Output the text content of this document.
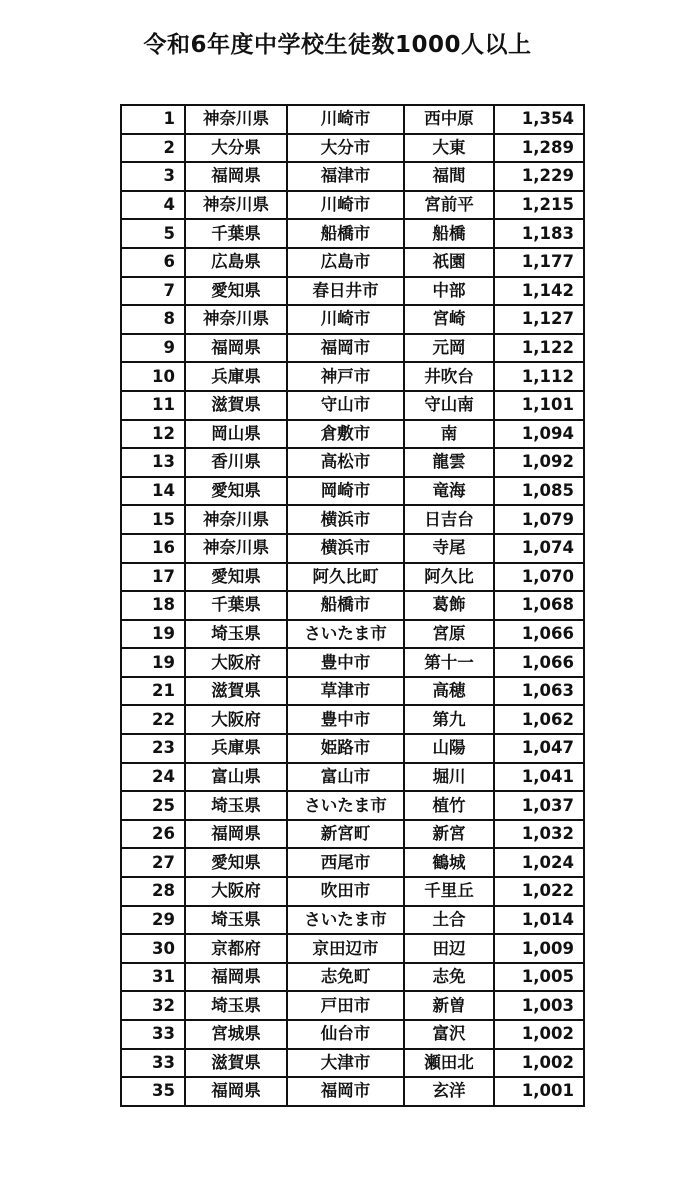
令和6年度中学校生徒数1000人以上
1	神奈川県	川崎市	西中原	1,354
2	大分県	大分市	大東	1,289
3	福岡県	福津市	福間	1,229
4	神奈川県	川崎市	宮前平	1,215
5	千葉県	船橋市	船橋	1,183
6	広島県	広島市	祇園	1,177
7	愛知県	春日井市	中部	1,142
8	神奈川県	川崎市	宮崎	1,127
9	福岡県	福岡市	元岡	1,122
10	兵庫県	神戸市	井吹台	1,112
11	滋賀県	守山市	守山南	1,101
12	岡山県	倉敷市	南	1,094
13	香川県	高松市	龍雲	1,092
14	愛知県	岡崎市	竜海	1,085
15	神奈川県	横浜市	日吉台	1,079
16	神奈川県	横浜市	寺尾	1,074
17	愛知県	阿久比町	阿久比	1,070
18	千葉県	船橋市	葛飾	1,068
19	埼玉県	さいたま市	宮原	1,066
19	大阪府	豊中市	第十一	1,066
21	滋賀県	草津市	高穂	1,063
22	大阪府	豊中市	第九	1,062
23	兵庫県	姫路市	山陽	1,047
24	富山県	富山市	堀川	1,041
25	埼玉県	さいたま市	植竹	1,037
26	福岡県	新宮町	新宮	1,032
27	愛知県	西尾市	鶴城	1,024
28	大阪府	吹田市	千里丘	1,022
29	埼玉県	さいたま市	土合	1,014
30	京都府	京田辺市	田辺	1,009
31	福岡県	志免町	志免	1,005
32	埼玉県	戸田市	新曽	1,003
33	宮城県	仙台市	富沢	1,002
33	滋賀県	大津市	瀬田北	1,002
35	福岡県	福岡市	玄洋	1,001
